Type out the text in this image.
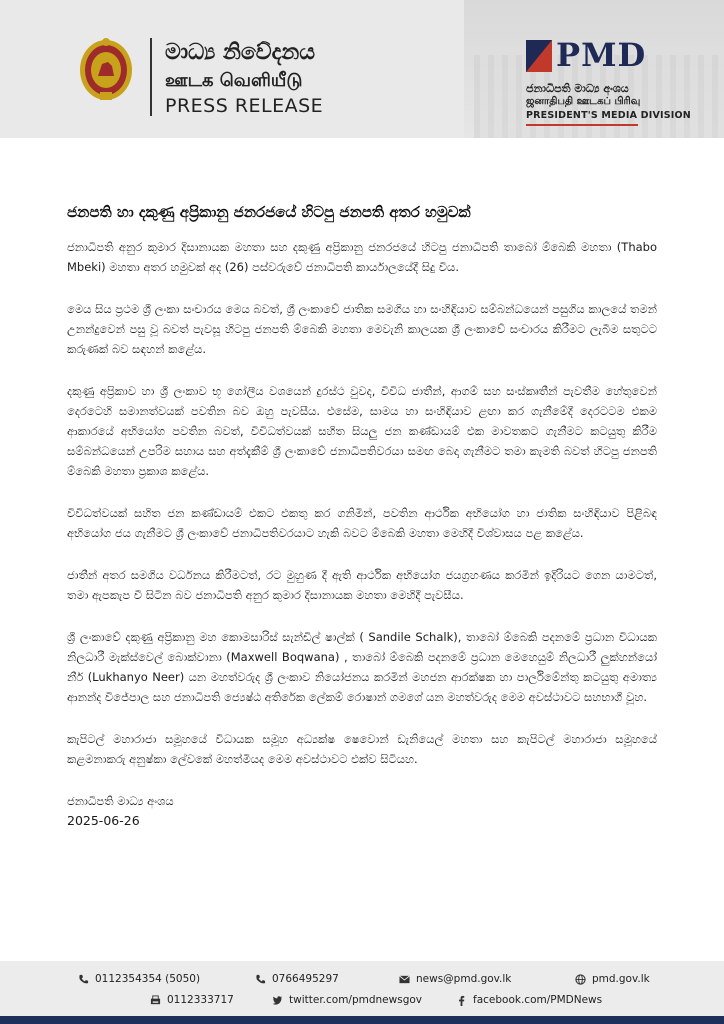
මාධ්‍ය නිවේදනය
ஊடக வெளியீடு
PRESS RELEASE
PMD
ජනාධිපති මාධ්‍ය අංශය
ஜனாதிபதி ஊடகப் பிரிவு
PRESIDENT'S MEDIA DIVISION
ජනපති හා දකුණු අප්‍රිකානු ජනරජයේ හිටපු ජනපති අතර හමුවක්

ජනාධිපති අනුර කුමාර දිසානායක මහතා සහ දකුණු අප්‍රිකානු ජනරජයේ හිටපු ජනාධිපති තාබෝ ම්බෙකි මහතා (Thabo Mbeki) මහතා අතර හමුවක් අද (26) පස්වරුවේ ජනාධිපති කාර්යාලයේදී සිදු විය.

මෙය සිය ප්‍රථම ශ්‍රී ලංකා සංචාරය මෙය බවත්, ශ්‍රී ලංකාවේ ජාතික සමගිය හා සංහිඳියාව සම්බන්ධයෙන් පසුගිය කාලයේ තමන් උනන්දුවෙන් පසු වූ බවත් පැවසූ හිටපු ජනපති ම්බෙකි මහතා මෙවැනි කාලයක ශ්‍රී ලංකාවේ සංචාරය කිරීමට ලැබීම සතුටට කරුණක් බව සඳහන් කළේය.

දකුණු අප්‍රිකාව හා ශ්‍රී ලංකාව භූ ගෝලීය වශයෙන් දුරස්ථ වුවද, විවිධ ජාතීන්, ආගම් සහ සංස්කෘතීන් පැවතීම හේතුවෙන් දෙරටෙහි සමානත්වයක් පවතින බව ඔහු පැවසීය. එසේම, සාමය හා සංහිඳියාව ළඟා කර ගැනීමේදී දෙරටටම එකම ආකාරයේ අභියෝග පවතින බවත්, විවිධත්වයක් සහිත සියලු ජන කණ්ඩායම් එක මාවතකට ගැනීමට කටයුතු කිරීම සම්බන්ධයෙන් උපරිම සහාය සහ අත්දැකීම් ශ්‍රී ලංකාවේ ජනාධිපතිවරයා සමඟ බෙදා ගැනීමට තමා කැමති බවත් හිටපු ජනපති ම්බෙකි මහතා ප්‍රකාශ කළේය.

විවිධත්වයක් සහිත ජන කණ්ඩායම් එකට එකතු කර ගනිමින්, පවතින ආර්ථික අභියෝග හා ජාතික සංහිඳියාව පිළිබඳ අභියෝග ජය ගැනීමට ශ්‍රී ලංකාවේ ජනාධිපතිවරයාට හැකි බවට ම්බෙකි මහතා මෙහිදී විශ්වාසය පළ කළේය.

ජාතීන් අතර සමගිය වර්ධනය කිරීමටත්, රට මුහුණ දී ඇති ආර්ථික අභියෝග ජයග්‍රහණය කරමින් ඉදිරියට ගෙන යාමටත්, තමා ඇපකැප වී සිටින බව ජනාධිපති අනුර කුමාර දිසානායක මහතා මෙහිදී පැවසීය.

ශ්‍රී ලංකාවේ දකුණු අප්‍රිකානු මහ කොමසාරිස් සැන්ඩිල් ෂාල්ක් ( Sandile Schalk), තාබෝ ම්බෙකි පදනමේ ප්‍රධාන විධායක නිලධාරී මැක්ස්වෙල් බොක්වානා (Maxwell Boqwana) , තාබෝ ම්බෙකි පදනමේ ප්‍රධාන මෙහෙයුම් නිලධාරී ලුක්හන්යෝ නීර් (Lukhanyo Neer) යන මහත්වරුද ශ්‍රී ලංකාව නියෝජනය කරමින් මහජන ආරක්ෂක හා පාර්ලිමේන්තු කටයුතු අමාත්‍ය ආනන්ද විජේපාල සහ ජනාධිපති ජ්‍යෙෂ්ඨ අතිරේක ලේකම් රොෂාන් ගමගේ යන මහත්වරුද මෙම අවස්ථාවට සහභාගී වූහ.

කැපිටල් මහාරාජා සමූහයේ විධායක සමූහ අධ්‍යක්ෂ ෂෙවොන් ඩැනියෙල් මහතා සහ කැපිටල් මහාරාජා සමූහයේ කළමනාකරු අනුෂ්කා ලේවකේ මහත්මියද මෙම අවස්ථාවට එක්ව සිටියහ.

ජනාධිපති මාධ්‍ය අංශය

2025-06-26

0112354354 (5050)	0766495297	news@pmd.gov.lk	pmd.gov.lk
0112333717	twitter.com/pmdnewsgov	facebook.com/PMDNews
